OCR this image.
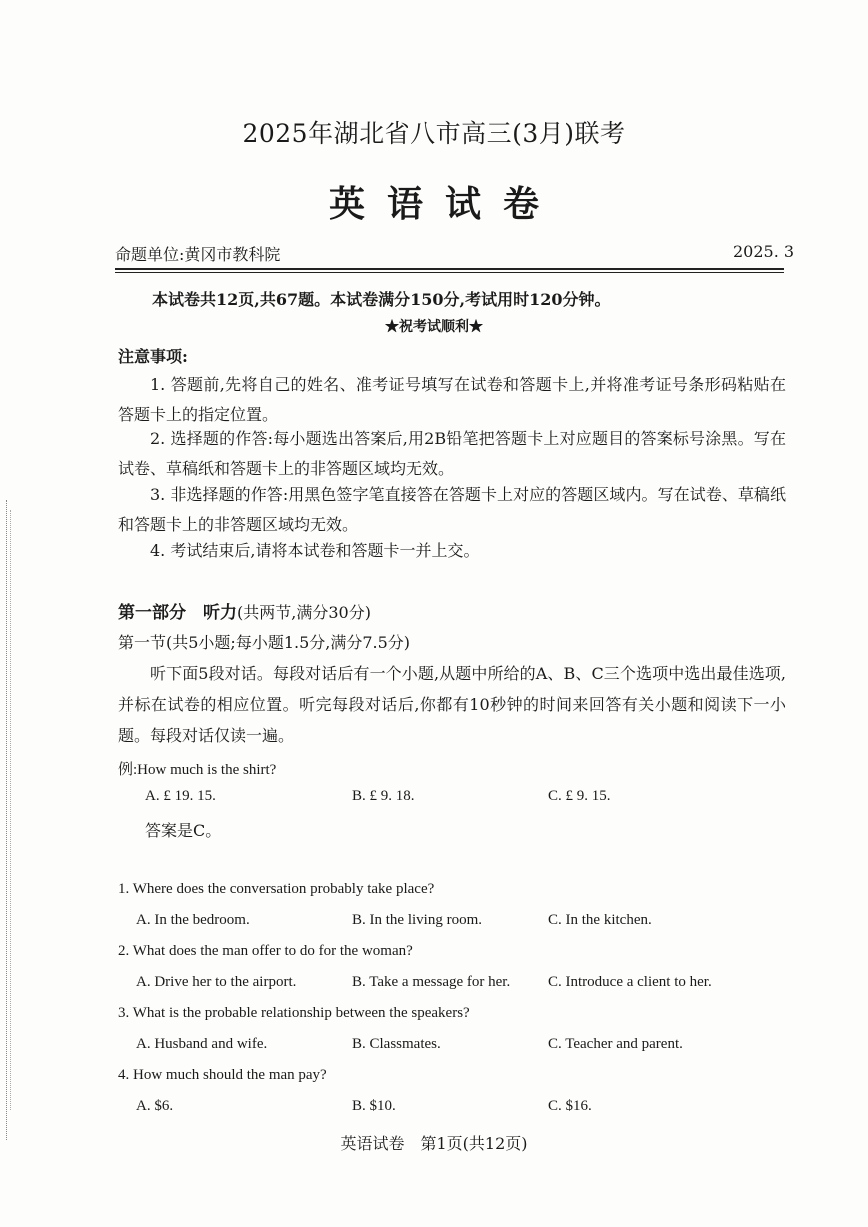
2025年湖北省八市高三(3月)联考
英语试卷
命题单位:黄冈市教科院	2025. 3
本试卷共12页,共67题。本试卷满分150分,考试用时120分钟。
★祝考试顺利★
注意事项:
1. 答题前,先将自己的姓名、准考证号填写在试卷和答题卡上,并将准考证号条形码粘贴在答题卡上的指定位置。
2. 选择题的作答:每小题选出答案后,用2B铅笔把答题卡上对应题目的答案标号涂黑。写在试卷、草稿纸和答题卡上的非答题区域均无效。
3. 非选择题的作答:用黑色签字笔直接答在答题卡上对应的答题区域内。写在试卷、草稿纸和答题卡上的非答题区域均无效。
4. 考试结束后,请将本试卷和答题卡一并上交。
第一部分　听力(共两节,满分30分)
第一节(共5小题;每小题1.5分,满分7.5分)
听下面5段对话。每段对话后有一个小题,从题中所给的A、B、C三个选项中选出最佳选项,并标在试卷的相应位置。听完每段对话后,你都有10秒钟的时间来回答有关小题和阅读下一小题。每段对话仅读一遍。
例:How much is the shirt?
A. £ 19. 15.	B. £ 9. 18.	C. £ 9. 15.
答案是C。
1. Where does the conversation probably take place?
A. In the bedroom.	B. In the living room.	C. In the kitchen.
2. What does the man offer to do for the woman?
A. Drive her to the airport.	B. Take a message for her.	C. Introduce a client to her.
3. What is the probable relationship between the speakers?
A. Husband and wife.	B. Classmates.	C. Teacher and parent.
4. How much should the man pay?
A. $6.	B. $10.	C. $16.
英语试卷　第1页(共12页)
